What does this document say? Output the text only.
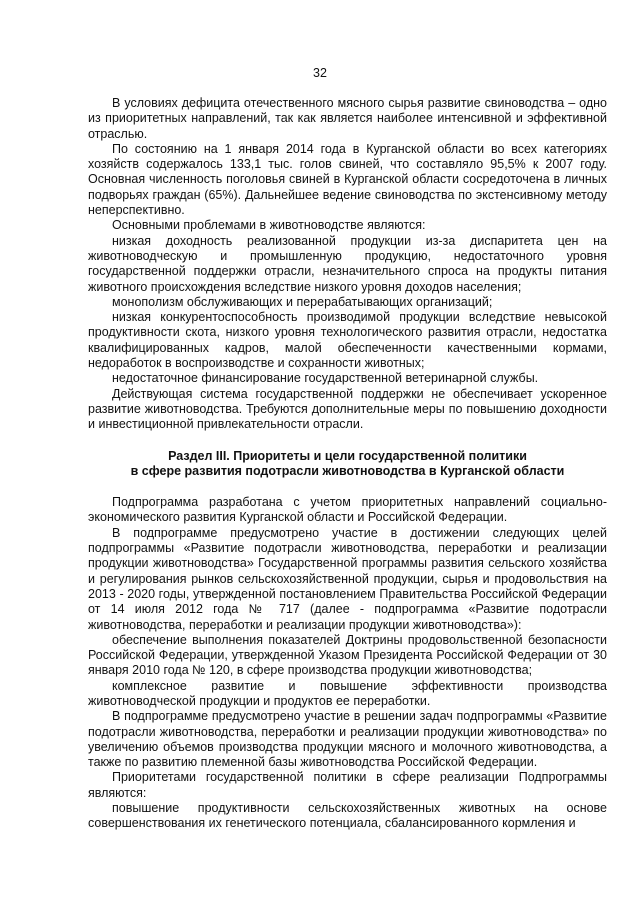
32

В условиях дефицита отечественного мясного сырья развитие свиноводства – одно из приоритетных направлений, так как является наиболее интенсивной и эффективной отраслью.

По состоянию на 1 января 2014 года в Курганской области во всех категориях хозяйств содержалось 133,1 тыс. голов свиней, что составляло 95,5% к 2007 году. Основная численность поголовья свиней в Курганской области сосредоточена в личных подворьях граждан (65%). Дальнейшее ведение свиноводства по экстенсивному методу неперспективно.

Основными проблемами в животноводстве являются:

низкая доходность реализованной продукции из-за диспаритета цен на животноводческую и промышленную продукцию, недостаточного уровня государственной поддержки отрасли, незначительного спроса на продукты питания животного происхождения вследствие низкого уровня доходов населения;

монополизм обслуживающих и перерабатывающих организаций;

низкая конкурентоспособность производимой продукции вследствие невысокой продуктивности скота, низкого уровня технологического развития отрасли, недостатка квалифицированных кадров, малой обеспеченности качественными кормами, недоработок в воспроизводстве и сохранности животных;

недостаточное финансирование государственной ветеринарной службы.

Действующая система государственной поддержки не обеспечивает ускоренное развитие животноводства. Требуются дополнительные меры по повышению доходности и инвестиционной привлекательности отрасли.

Раздел III. Приоритеты и цели государственной политики

в сфере развития подотрасли животноводства в Курганской области

Подпрограмма разработана с учетом приоритетных направлений социально-экономического развития Курганской области и Российской Федерации.

В подпрограмме предусмотрено участие в достижении следующих целей подпрограммы «Развитие подотрасли животноводства, переработки и реализации продукции животноводства» Государственной программы развития сельского хозяйства и регулирования рынков сельскохозяйственной продукции, сырья и продовольствия на 2013 - 2020 годы, утвержденной постановлением Правительства Российской Федерации от 14 июля 2012 года № 717 (далее - подпрограмма «Развитие подотрасли животноводства, переработки и реализации продукции животноводства»):

обеспечение выполнения показателей Доктрины продовольственной безопасности Российской Федерации, утвержденной Указом Президента Российской Федерации от 30 января 2010 года № 120, в сфере производства продукции животноводства;

комплексное развитие и повышение эффективности производства животноводческой продукции и продуктов ее переработки.

В подпрограмме предусмотрено участие в решении задач подпрограммы «Развитие подотрасли животноводства, переработки и реализации продукции животноводства» по увеличению объемов производства продукции мясного и молочного животноводства, а также по развитию племенной базы животноводства Российской Федерации.

Приоритетами государственной политики в сфере реализации Подпрограммы являются:

повышение продуктивности сельскохозяйственных животных на основе совершенствования их генетического потенциала, сбалансированного кормления и
